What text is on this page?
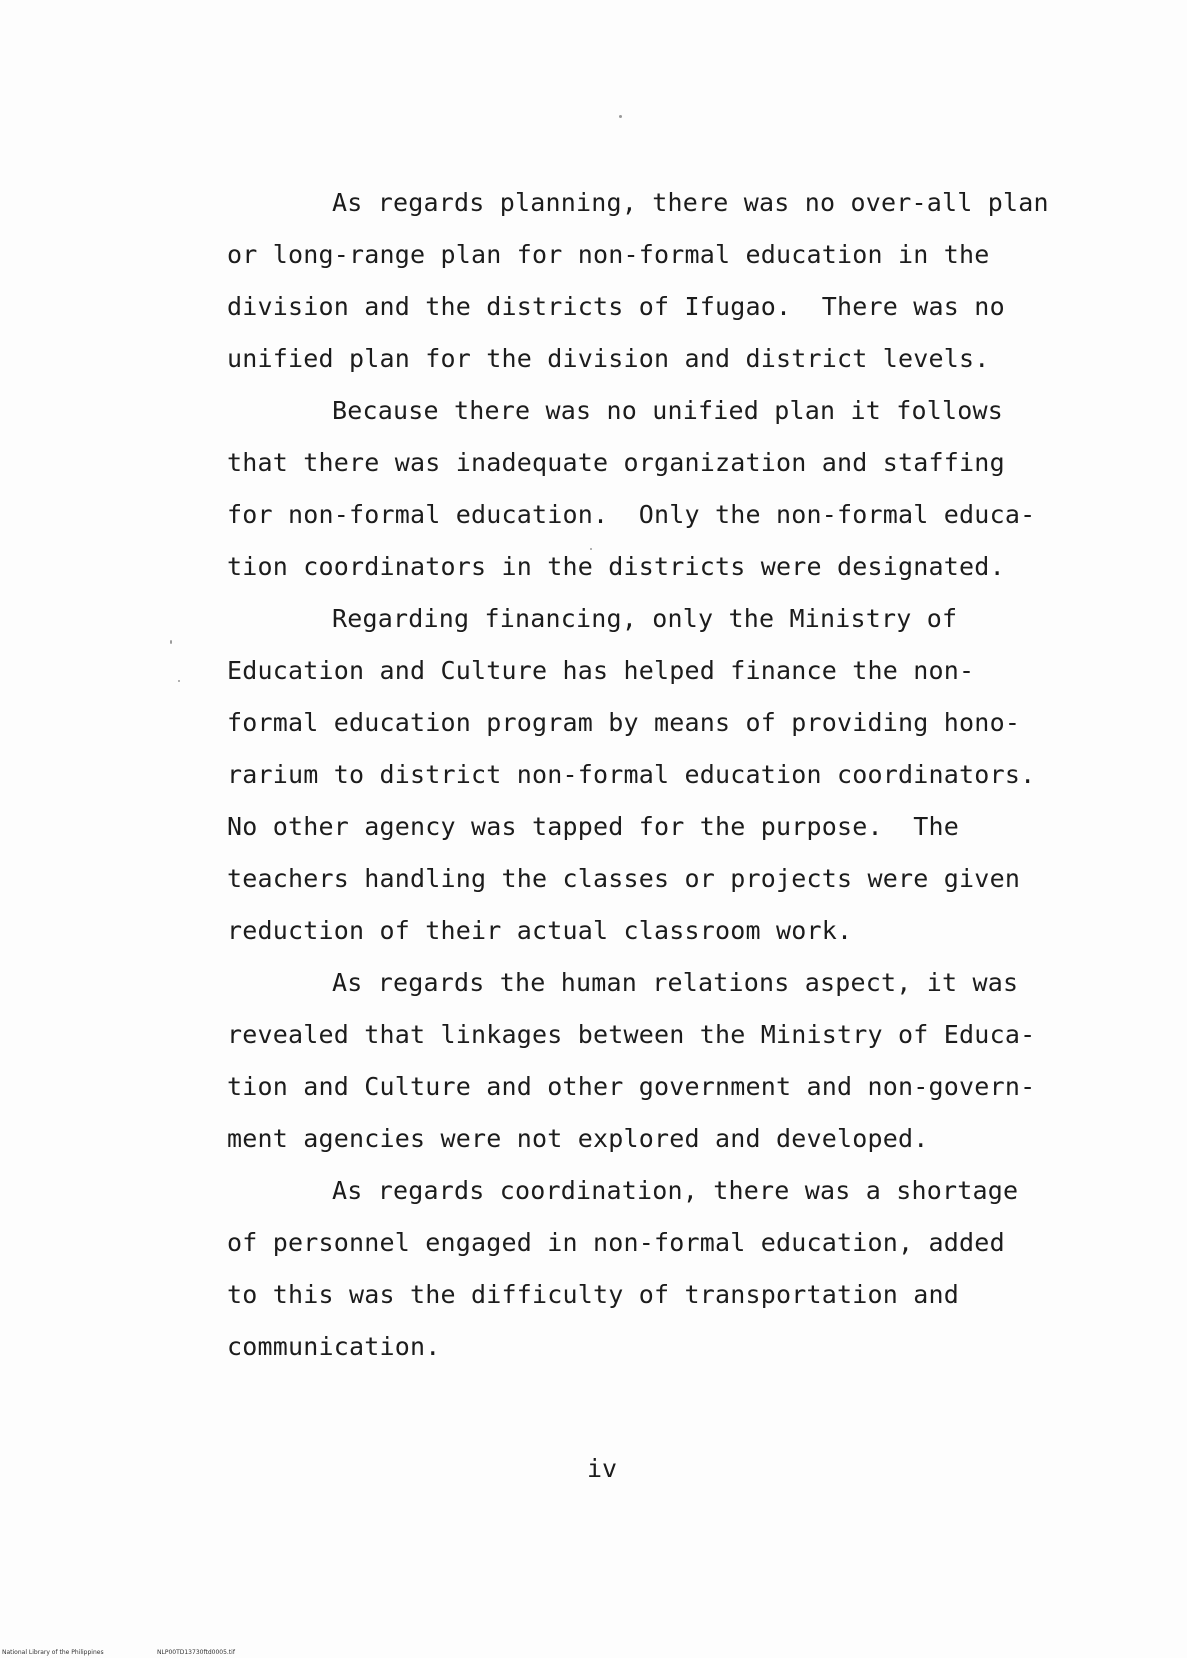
As regards planning, there was no over-all plan
or long-range plan for non-formal education in the
division and the districts of Ifugao.  There was no
unified plan for the division and district levels.
Because there was no unified plan it follows
that there was inadequate organization and staffing
for non-formal education.  Only the non-formal educa-
tion coordinators in the districts were designated.
Regarding financing, only the Ministry of
Education and Culture has helped finance the non-
formal education program by means of providing hono-
rarium to district non-formal education coordinators.
No other agency was tapped for the purpose.  The
teachers handling the classes or projects were given
reduction of their actual classroom work.
As regards the human relations aspect, it was
revealed that linkages between the Ministry of Educa-
tion and Culture and other government and non-govern-
ment agencies were not explored and developed.
As regards coordination, there was a shortage
of personnel engaged in non-formal education, added
to this was the difficulty of transportation and
communication.
iv
National Library of the Philippines	NLP00TD13730ftd0005.tif
